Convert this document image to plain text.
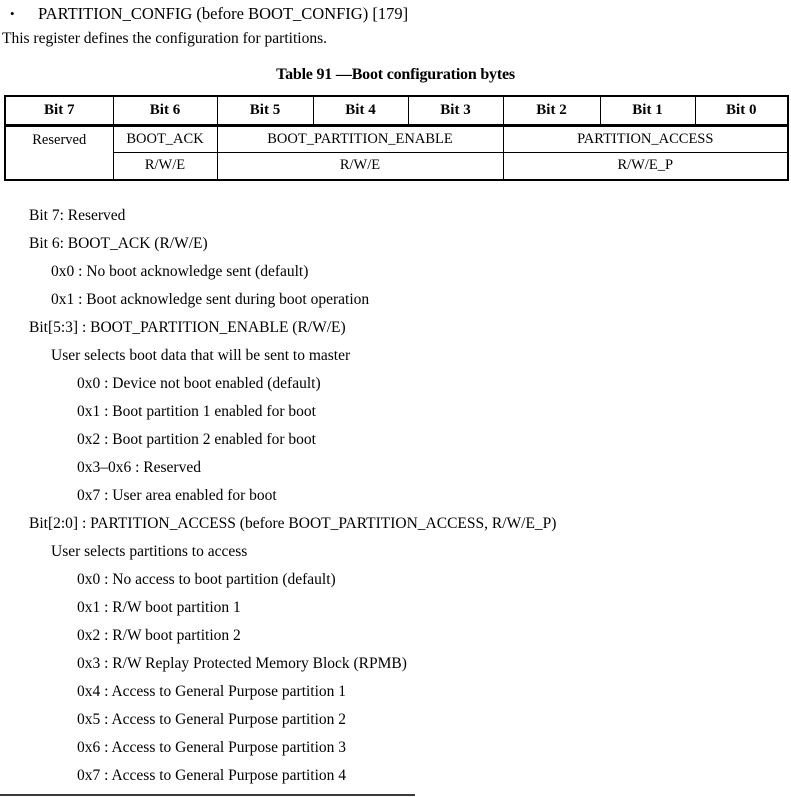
• PARTITION_CONFIG (before BOOT_CONFIG) [179]

This register defines the configuration for partitions.

Table 91 —Boot configuration bytes
Bit 7	Bit 6	Bit 5	Bit 4	Bit 3	Bit 2	Bit 1	Bit 0
Reserved	BOOT_ACK	BOOT_PARTITION_ENABLE			PARTITION_ACCESS		
	R/W/E	R/W/E			R/W/E_P		
Bit 7: Reserved
Bit 6: BOOT_ACK (R/W/E)
0x0 : No boot acknowledge sent (default)
0x1 : Boot acknowledge sent during boot operation
Bit[5:3] : BOOT_PARTITION_ENABLE (R/W/E)
User selects boot data that will be sent to master
0x0 : Device not boot enabled (default)
0x1 : Boot partition 1 enabled for boot
0x2 : Boot partition 2 enabled for boot
0x3–0x6 : Reserved
0x7 : User area enabled for boot
Bit[2:0] : PARTITION_ACCESS (before BOOT_PARTITION_ACCESS, R/W/E_P)
User selects partitions to access
0x0 : No access to boot partition (default)
0x1 : R/W boot partition 1
0x2 : R/W boot partition 2
0x3 : R/W Replay Protected Memory Block (RPMB)
0x4 : Access to General Purpose partition 1
0x5 : Access to General Purpose partition 2
0x6 : Access to General Purpose partition 3
0x7 : Access to General Purpose partition 4
